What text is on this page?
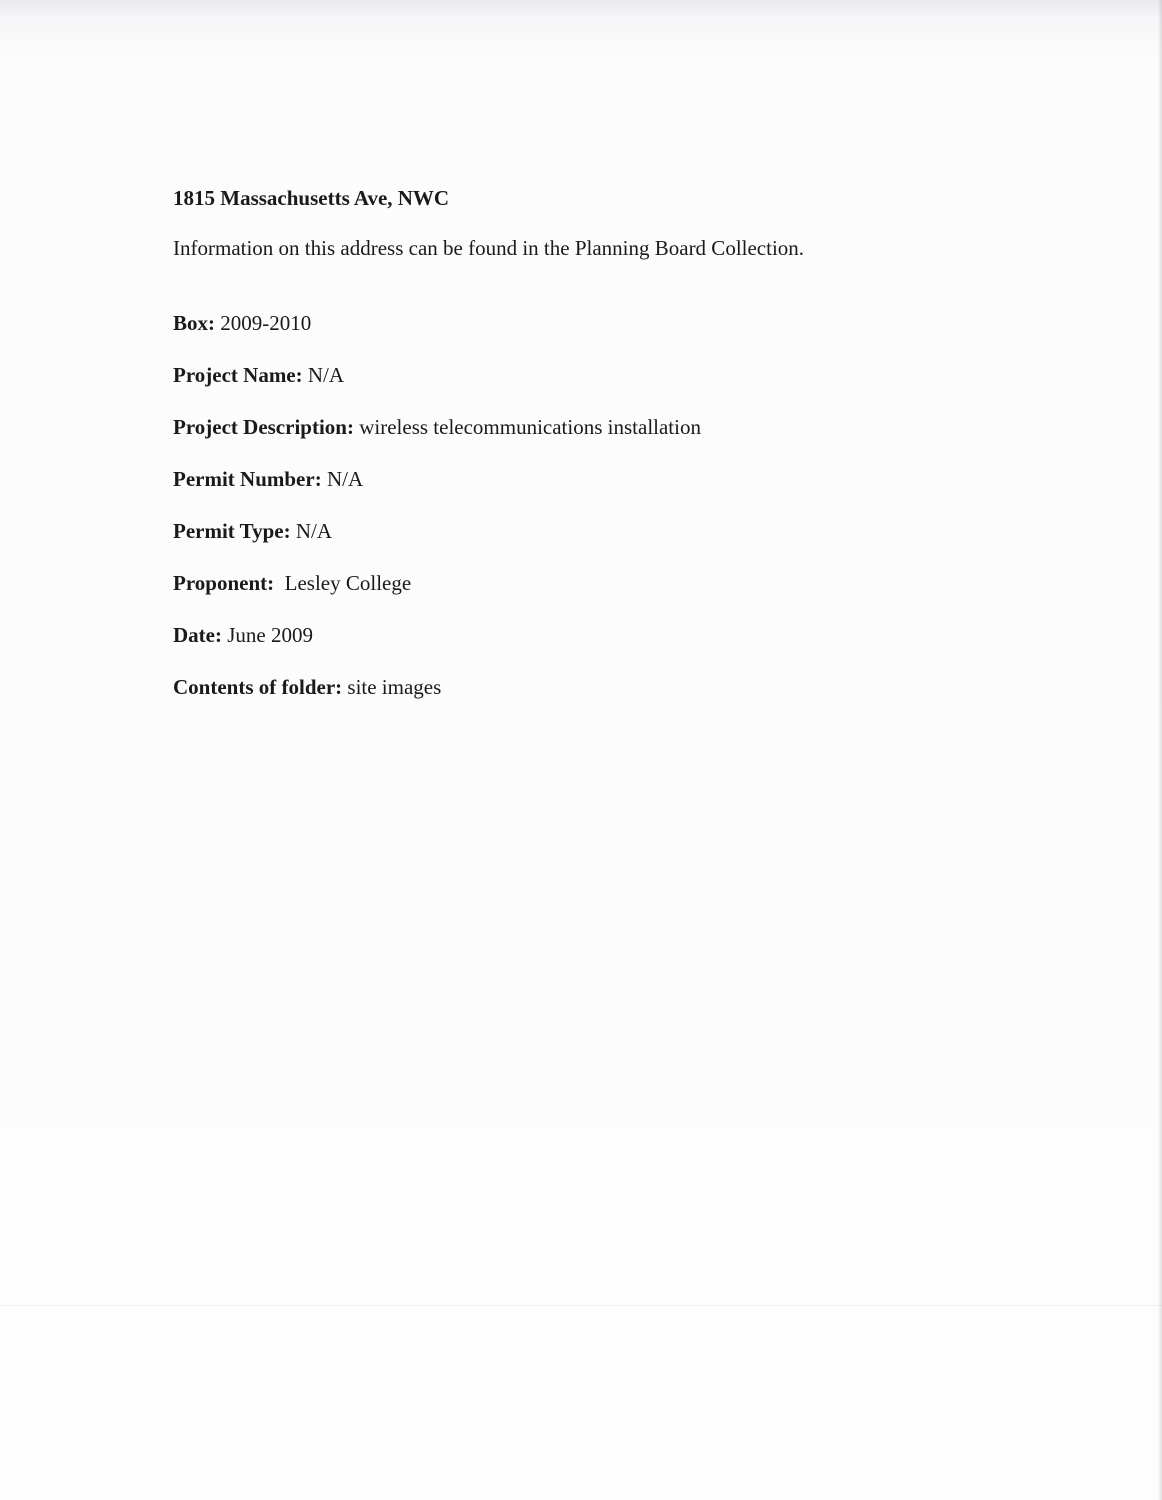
1815 Massachusetts Ave, NWC

Information on this address can be found in the Planning Board Collection.

Box: 2009-2010

Project Name: N/A

Project Description: wireless telecommunications installation

Permit Number: N/A

Permit Type: N/A

Proponent:  Lesley College

Date: June 2009

Contents of folder: site images
